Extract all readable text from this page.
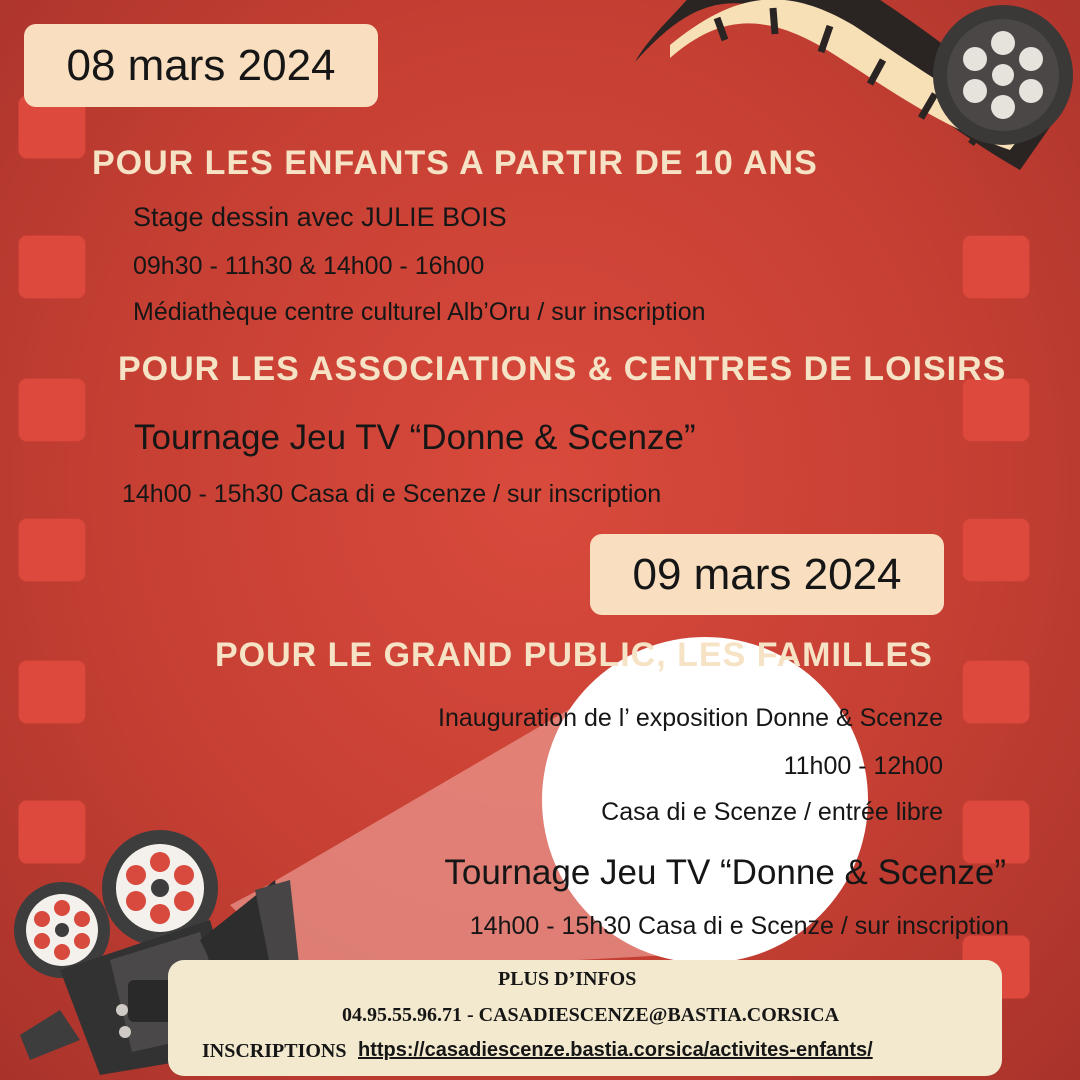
08 mars 2024
POUR LES ENFANTS A PARTIR DE 10 ANS
Stage dessin avec JULIE BOIS
09h30 - 11h30 & 14h00 - 16h00
Médiathèque centre culturel Alb’Oru / sur inscription
POUR LES ASSOCIATIONS & CENTRES DE LOISIRS
Tournage Jeu TV “Donne & Scenze”
14h00 - 15h30 Casa di e Scenze / sur inscription
09 mars 2024
POUR LE GRAND PUBLIC, LES FAMILLES
Inauguration de l’ exposition Donne & Scenze
11h00 - 12h00
Casa di e Scenze / entrée libre
Tournage Jeu TV “Donne & Scenze”
14h00 - 15h30 Casa di e Scenze / sur inscription
PLUS D’INFOS
04.95.55.96.71 - CASADIESCENZE@BASTIA.CORSICA
INSCRIPTIONS https://casadiescenze.bastia.corsica/activites-enfants/
